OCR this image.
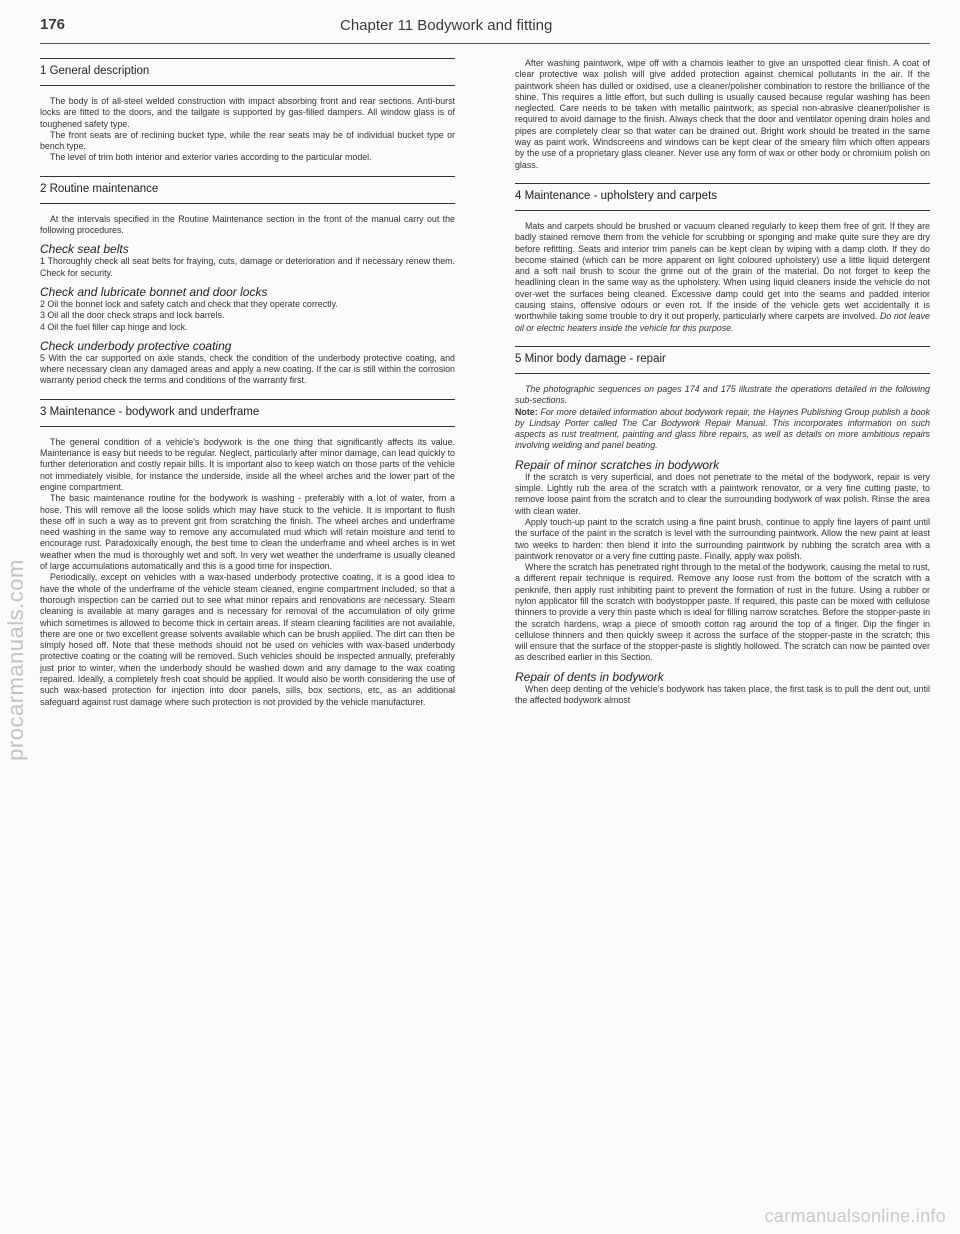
176	Chapter 11 Bodywork and fitting
1 General description

The body is of all-steel welded construction with impact absorbing front and rear sections. Anti-burst locks are fitted to the doors, and the tailgate is supported by gas-filled dampers. All window glass is of toughened safety type.

The front seats are of reclining bucket type, while the rear seats may be of individual bucket type or bench type.

The level of trim both interior and exterior varies according to the particular model.

2 Routine maintenance

At the intervals specified in the Routine Maintenance section in the front of the manual carry out the following procedures.

Check seat belts

1 Thoroughly check all seat belts for fraying, cuts, damage or deterioration and if necessary renew them. Check for security.

Check and lubricate bonnet and door locks

2 Oil the bonnet lock and safety catch and check that they operate correctly.

3 Oil all the door check straps and lock barrels.

4 Oil the fuel filler cap hinge and lock.

Check underbody protective coating

5 With the car supported on axle stands, check the condition of the underbody protective coating, and where necessary clean any damaged areas and apply a new coating. If the car is still within the corrosion warranty period check the terms and conditions of the warranty first.

3 Maintenance - bodywork and underframe

The general condition of a vehicle's bodywork is the one thing that significantly affects its value. Maintenance is easy but needs to be regular. Neglect, particularly after minor damage, can lead quickly to further deterioration and costly repair bills. It is important also to keep watch on those parts of the vehicle not immediately visible, for instance the underside, inside all the wheel arches and the lower part of the engine compartment.

The basic maintenance routine for the bodywork is washing - preferably with a lot of water, from a hose. This will remove all the loose solids which may have stuck to the vehicle. It is important to flush these off in such a way as to prevent grit from scratching the finish. The wheel arches and underframe need washing in the same way to remove any accumulated mud which will retain moisture and tend to encourage rust. Paradoxically enough, the best time to clean the underframe and wheel arches is in wet weather when the mud is thoroughly wet and soft. In very wet weather the underframe is usually cleaned of large accumulations automatically and this is a good time for inspection.

Periodically, except on vehicles with a wax-based underbody protective coating, it is a good idea to have the whole of the underframe of the vehicle steam cleaned, engine compartment included, so that a thorough inspection can be carried out to see what minor repairs and renovations are necessary. Steam cleaning is available at many garages and is necessary for removal of the accumulation of oily grime which sometimes is allowed to become thick in certain areas. If steam cleaning facilities are not available, there are one or two excellent grease solvents available which can be brush applied. The dirt can then be simply hosed off. Note that these methods should not be used on vehicles with wax-based underbody protective coating or the coating will be removed. Such vehicles should be inspected annually, preferably just prior to winter, when the underbody should be washed down and any damage to the wax coating repaired. Ideally, a completely fresh coat should be applied. It would also be worth considering the use of such wax-based protection for injection into door panels, sills, box sections, etc, as an additional safeguard against rust damage where such protection is not provided by the vehicle manufacturer.

After washing paintwork, wipe off with a chamois leather to give an unspotted clear finish. A coat of clear protective wax polish will give added protection against chemical pollutants in the air. If the paintwork sheen has dulled or oxidised, use a cleaner/polisher combination to restore the brilliance of the shine. This requires a little effort, but such dulling is usually caused because regular washing has been neglected. Care needs to be taken with metallic paintwork, as special non-abrasive cleaner/polisher is required to avoid damage to the finish. Always check that the door and ventilator opening drain holes and pipes are completely clear so that water can be drained out. Bright work should be treated in the same way as paint work. Windscreens and windows can be kept clear of the smeary film which often appears by the use of a proprietary glass cleaner. Never use any form of wax or other body or chromium polish on glass.

4 Maintenance - upholstery and carpets

Mats and carpets should be brushed or vacuum cleaned regularly to keep them free of grit. If they are badly stained remove them from the vehicle for scrubbing or sponging and make quite sure they are dry before refitting. Seats and interior trim panels can be kept clean by wiping with a damp cloth. If they do become stained (which can be more apparent on light coloured upholstery) use a little liquid detergent and a soft nail brush to scour the grime out of the grain of the material. Do not forget to keep the headlining clean in the same way as the upholstery. When using liquid cleaners inside the vehicle do not over-wet the surfaces being cleaned. Excessive damp could get into the seams and padded interior causing stains, offensive odours or even rot. If the inside of the vehicle gets wet accidentally it is worthwhile taking some trouble to dry it out properly, particularly where carpets are involved. Do not leave oil or electric heaters inside the vehicle for this purpose.

5 Minor body damage - repair

The photographic sequences on pages 174 and 175 illustrate the operations detailed in the following sub-sections.

Note: For more detailed information about bodywork repair, the Haynes Publishing Group publish a book by Lindsay Porter called The Car Bodywork Repair Manual. This incorporates information on such aspects as rust treatment, painting and glass fibre repairs, as well as details on more ambitious repairs involving welding and panel beating.

Repair of minor scratches in bodywork

If the scratch is very superficial, and does not penetrate to the metal of the bodywork, repair is very simple. Lightly rub the area of the scratch with a paintwork renovator, or a very fine cutting paste, to remove loose paint from the scratch and to clear the surrounding bodywork of wax polish. Rinse the area with clean water.

Apply touch-up paint to the scratch using a fine paint brush, continue to apply fine layers of paint until the surface of the paint in the scratch is level with the surrounding paintwork. Allow the new paint at least two weeks to harden: then blend it into the surrounding paintwork by rubbing the scratch area with a paintwork renovator or a very fine cutting paste. Finally, apply wax polish.

Where the scratch has penetrated right through to the metal of the bodywork, causing the metal to rust, a different repair technique is required. Remove any loose rust from the bottom of the scratch with a penknife, then apply rust inhibiting paint to prevent the formation of rust in the future. Using a rubber or nylon applicator fill the scratch with bodystopper paste. If required, this paste can be mixed with cellulose thinners to provide a very thin paste which is ideal for filling narrow scratches. Before the stopper-paste in the scratch hardens, wrap a piece of smooth cotton rag around the top of a finger. Dip the finger in cellulose thinners and then quickly sweep it across the surface of the stopper-paste in the scratch; this will ensure that the surface of the stopper-paste is slightly hollowed. The scratch can now be painted over as described earlier in this Section.

Repair of dents in bodywork

When deep denting of the vehicle's bodywork has taken place, the first task is to pull the dent out, until the affected bodywork almost

procarmanuals.com
carmanualsonline.info
